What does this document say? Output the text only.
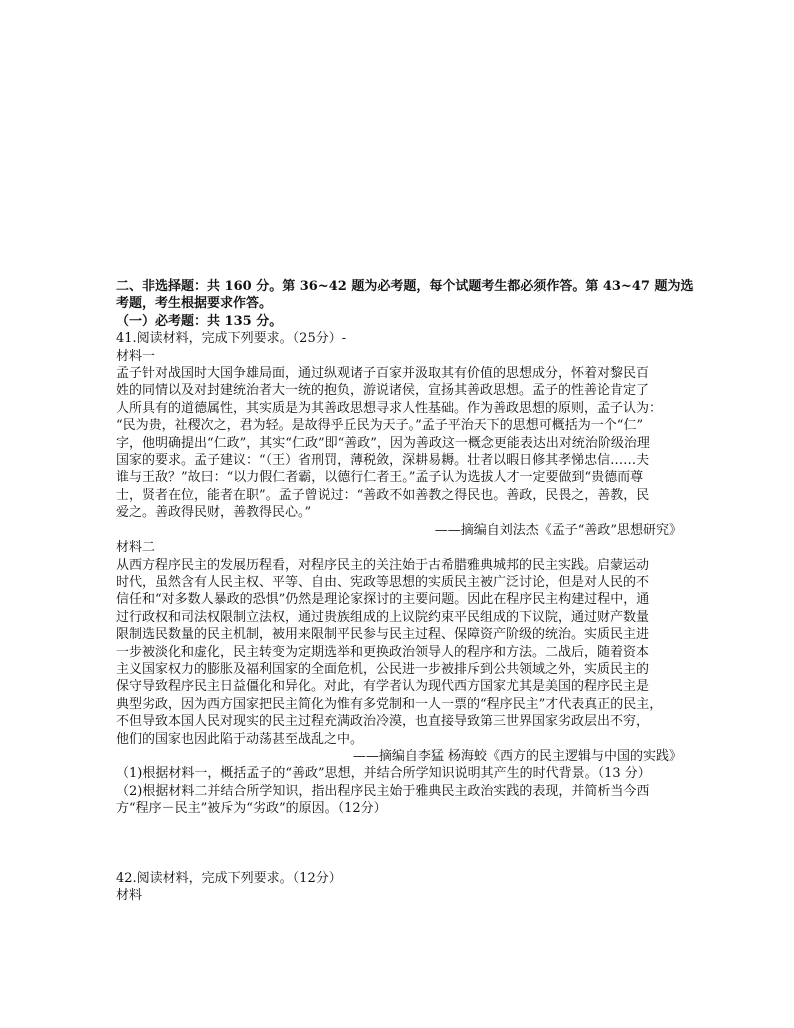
二、非选择题：共 160 分。第 36~42 题为必考题，每个试题考生都必须作答。第 43~47 题为选

考题，考生根据要求作答。

（一）必考题：共 135 分。

41.阅读材料，完成下列要求。（25分）-

材料一

孟子针对战国时大国争雄局面，通过纵观诸子百家并汲取其有价值的思想成分，怀着对黎民百

姓的同情以及对封建统治者大一统的抱负，游说诸侯，宣扬其善政思想。孟子的性善论肯定了

人所具有的道德属性，其实质是为其善政思想寻求人性基础。作为善政思想的原则，孟子认为：

“民为贵，社稷次之，君为轻。是故得乎丘民为天子。”孟子平治天下的思想可概括为一个“仁”

字，他明确提出“仁政”，其实“仁政”即“善政”，因为善政这一概念更能表达出对统治阶级治理

国家的要求。孟子建议：“（王）省刑罚，薄税敛，深耕易耨。壮者以暇日修其孝悌忠信……夫

谁与王敌？”故曰：“以力假仁者霸，以德行仁者王。”孟子认为选拔人才一定要做到“贵德而尊

士，贤者在位，能者在职”。孟子曾说过：“善政不如善教之得民也。善政，民畏之，善教，民

爱之。善政得民财，善教得民心。”

——摘编自刘法杰《孟子“善政”思想研究》

材料二

从西方程序民主的发展历程看，对程序民主的关注始于古希腊雅典城邦的民主实践。启蒙运动

时代，虽然含有人民主权、平等、自由、宪政等思想的实质民主被广泛讨论，但是对人民的不

信任和“对多数人暴政的恐惧”仍然是理论家探讨的主要问题。因此在程序民主构建过程中，通

过行政权和司法权限制立法权，通过贵族组成的上议院约束平民组成的下议院，通过财产数量

限制选民数量的民主机制，被用来限制平民参与民主过程、保障资产阶级的统治。实质民主进

一步被淡化和虚化，民主转变为定期选举和更换政治领导人的程序和方法。二战后，随着资本

主义国家权力的膨胀及福利国家的全面危机，公民进一步被排斥到公共领域之外，实质民主的

保守导致程序民主日益僵化和异化。对此，有学者认为现代西方国家尤其是美国的程序民主是

典型劣政，因为西方国家把民主简化为惟有多党制和一人一票的“程序民主”才代表真正的民主，

不但导致本国人民对现实的民主过程充满政治冷漠，也直接导致第三世界国家劣政层出不穷，

他们的国家也因此陷于动荡甚至战乱之中。

——摘编自李猛 杨海蛟《西方的民主逻辑与中国的实践》

（1)根据材料一，概括孟子的“善政”思想，并结合所学知识说明其产生的时代背景。（13 分）

（2)根据材料二并结合所学知识，指出程序民主始于雅典民主政治实践的表现，并简析当今西

方“程序－民主”被斥为“劣政”的原因。（12分）

42.阅读材料，完成下列要求。（12分）

材料
